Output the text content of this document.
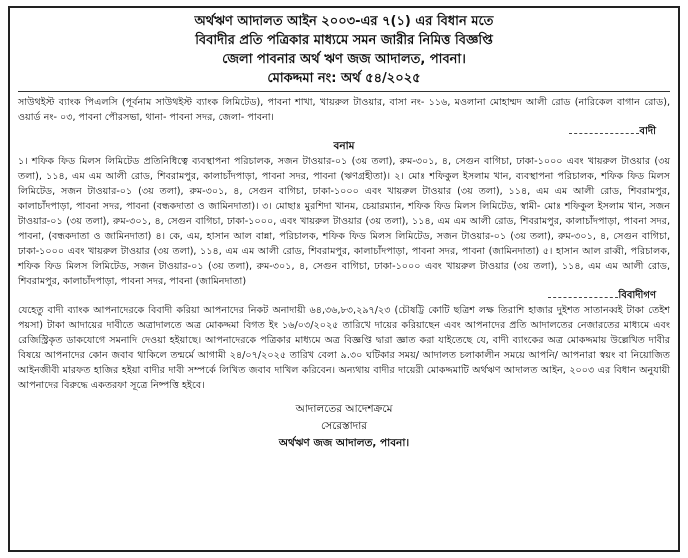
অর্থঋণ আদালত আইন ২০০৩-এর ৭(১) এর বিধান মতে
বিবাদীর প্রতি পত্রিকার মাধ্যমে সমন জারীর নিমিত্ত বিজ্ঞপ্তি
জেলা পাবনার অর্থ ঋণ জজ আদালত, পাবনা।
মোকদ্দমা নং: অর্থ ৫৪/২০২৫

সাউথইস্ট ব্যাংক পিএলসি (পূর্বনাম সাউথইস্ট ব্যাংক লিমিটেড), পাবনা শাখা, খায়রুল টাওয়ার, বাসা নং- ১১৬, মওলানা মোহাম্মদ আলী রোড (নারিকেল বাগান রোড), ওয়ার্ড নং- ০৩, পাবনা পৌরসভা, থানা- পাবনা সদর, জেলা- পাবনা।

বাদী
বনাম

১। শফিক ফিড মিলস লিমিটেড প্রতিনিধিত্বে ব্যবস্থাপনা পরিচালক, সজন টাওয়ার-০১ (৩য় তলা), রুম-৩০১, ৪, সেগুন বাগিচা, ঢাকা-১০০০ এবং খায়রুল টাওয়ার (৩য় তলা), ১১৪, এম এম আলী রোড, শিবরামপুর, কালাচাঁদপাড়া, পাবনা সদর, পাবনা (ঋণগ্রহীতা)। ২। মোঃ শফিকুল ইসলাম খান, ব্যবস্থাপনা পরিচালক, শফিক ফিড মিলস লিমিটেড, সজন টাওয়ার-০১ (৩য় তলা), রুম-৩০১, ৪, সেগুন বাগিচা, ঢাকা-১০০০ এবং খায়রুল টাওয়ার (৩য় তলা), ১১৪, এম এম আলী রোড, শিবরামপুর, কালাচাঁদপাড়া, পাবনা সদর, পাবনা (বন্ধকদাতা ও জামিনদাতা)। ৩। মোছাঃ মুরশিদা খানম, চেয়ারম্যান, শফিক ফিড মিলস লিমিটেড, স্বামী- মোঃ শফিকুল ইসলাম খান, সজন টাওয়ার-০১ (৩য় তলা), রুম-৩০১, ৪, সেগুন বাগিচা, ঢাকা-১০০০, এবং খায়রুল টাওয়ার (৩য় তলা), ১১৪, এম এম আলী রোড, শিবরামপুর, কালাচাঁদপাড়া, পাবনা সদর, পাবনা, (বন্ধকদাতা ও জামিনদাতা) ৪। কে, এম, হাসান আল বান্না, পরিচালক, শফিক ফিড মিলস লিমিটেড, সজন টাওয়ার-০১ (৩য় তলা), রুম-৩০১, ৪, সেগুন বাগিচা, ঢাকা-১০০০ এবং খায়রুল টাওয়ার (৩য় তলা), ১১৪, এম এম আলী রোড, শিবরামপুর, কালাচাঁদপাড়া, পাবনা সদর, পাবনা (জামিনদাতা) ৫। হাসান আল রাব্বী, পরিচালক, শফিক ফিড মিলস লিমিটেড, সজন টাওয়ার-০১ (৩য় তলা), রুম-৩০১, ৪, সেগুন বাগিচা, ঢাকা-১০০০ এবং খায়রুল টাওয়ার (৩য় তলা), ১১৪, এম এম আলী রোড, শিবরামপুর, কালাচাঁদপাড়া, পাবনা সদর, পাবনা (জামিনদাতা)

বিবাদীগণ

যেহেতু বাদী ব্যাংক আপনাদেরকে বিবাদী করিয়া আপনাদের নিকট অনাদায়ী ৬৪,৩৬,৮৩,২৯৭/২৩ (চৌষট্টি কোটি ছত্রিশ লক্ষ তিরাশি হাজার দুইশত সাতানব্বই টাকা তেইশ পয়সা) টাকা আদায়ের দাবীতে অত্রাদালতে অত্র মোকদ্দমা বিগত ইং ১৬/০৩/২০২৫ তারিখে দায়ের করিয়াছেন এবং আপনাদের প্রতি আদালতের নেজারতের মাধ্যমে এবং রেজিস্ট্রিকৃত ডাকযোগে সমনাদি দেওয়া হইয়াছে। আপনাদেরকে পত্রিকার মাধ্যমে অত্র বিজ্ঞপ্তি দ্বারা জ্ঞাত করা যাইতেছে যে, বাদী ব্যাংকের অত্র মোকদ্দমায় উল্লেখিত দাবীর বিষয়ে আপনাদের কোন জবাব থাকিলে তন্মর্মে আগামী ২৪/০৭/২০২৫ তারিখ বেলা ৯.৩০ ঘটিকার সময়/ আদালত চলাকালীন সময়ে আপনি/ আপনারা স্বয়ং বা নিয়োজিত আইনজীবী মারফত হাজির হইয়া বাদীর দাবী সম্পর্কে লিখিত জবাব দাখিল করিবেন। অন্যথায় বাদীর দায়েরী মোকদ্দমাটি অর্থঋণ আদালত আইন, ২০০৩ এর বিধান অনুযায়ী আপনাদের বিরুদ্ধে একতরফা সূত্রে নিষ্পত্তি হইবে।

আদালতের আদেশক্রমে
সেরেস্তাদার
অর্থঋণ জজ আদালত, পাবনা।
